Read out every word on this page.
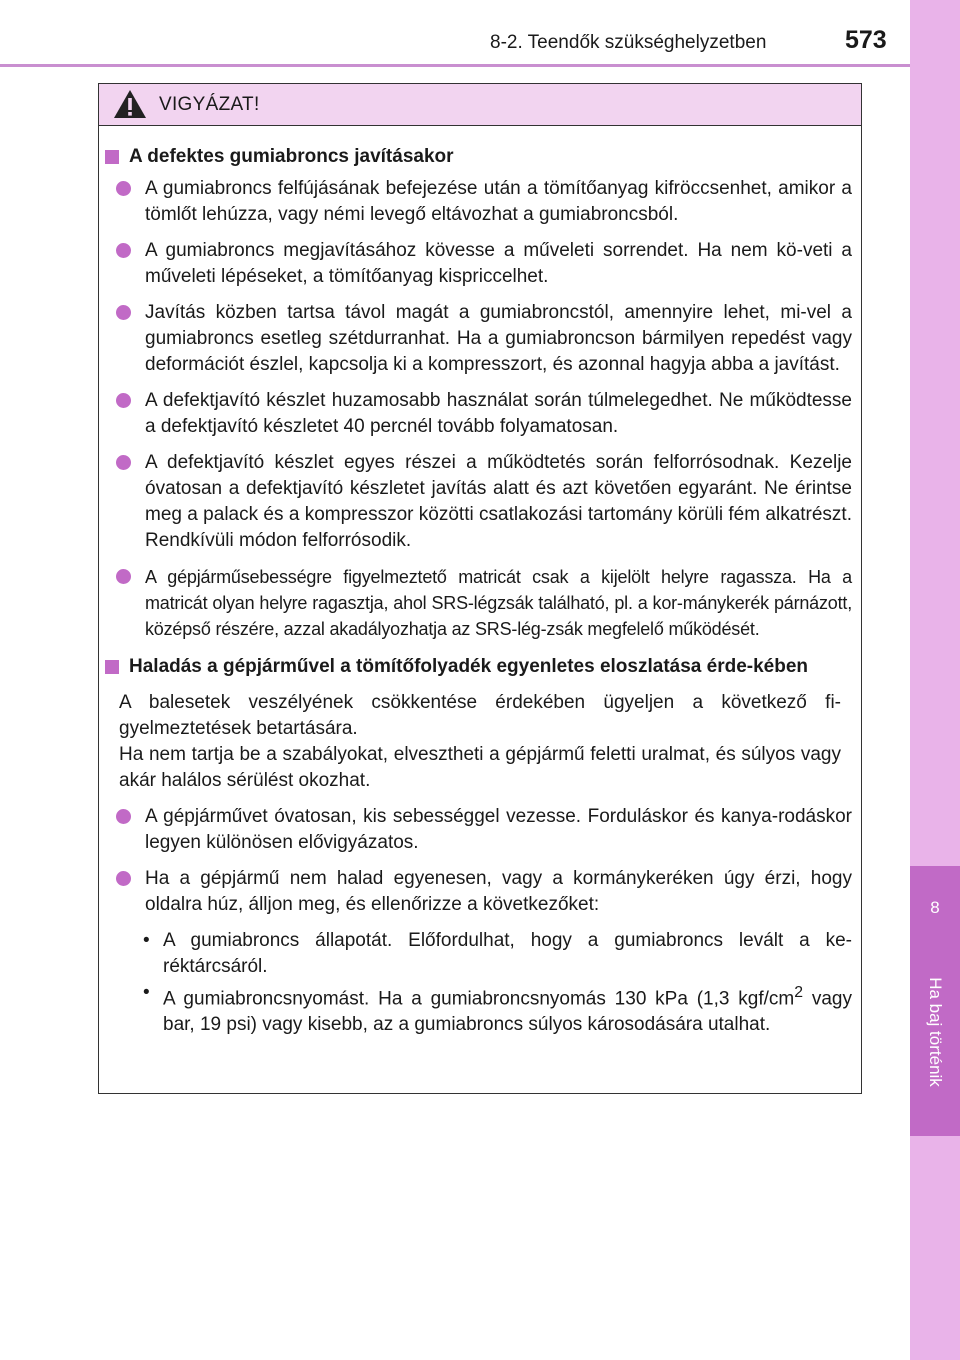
8-2. Teendők szükséghelyzetben	573
8
Ha baj történik
VIGYÁZAT!
A defektes gumiabroncs javításakor
A gumiabroncs felfújásának befejezése után a tömítőanyag kifröccsenhet, amikor a tömlőt lehúzza, vagy némi levegő eltávozhat a gumiabroncsból.
A gumiabroncs megjavításához kövesse a műveleti sorrendet. Ha nem kö-veti a műveleti lépéseket, a tömítőanyag kispriccelhet.
Javítás közben tartsa távol magát a gumiabroncstól, amennyire lehet, mi-vel a gumiabroncs esetleg szétdurranhat. Ha a gumiabroncson bármilyen repedést vagy deformációt észlel, kapcsolja ki a kompresszort, és azonnal hagyja abba a javítást.
A defektjavító készlet huzamosabb használat során túlmelegedhet. Ne működtesse a defektjavító készletet 40 percnél tovább folyamatosan.
A defektjavító készlet egyes részei a működtetés során felforrósodnak. Kezelje óvatosan a defektjavító készletet javítás alatt és azt követően egyaránt. Ne érintse meg a palack és a kompresszor közötti csatlakozási tartomány körüli fém alkatrészt. Rendkívüli módon felforrósodik.
A gépjárműsebességre figyelmeztető matricát csak a kijelölt helyre ragassza. Ha a matricát olyan helyre ragasztja, ahol SRS-légzsák található, pl. a kor-mánykerék párnázott, középső részére, azzal akadályozhatja az SRS-lég-zsák megfelelő működését.
Haladás a gépjárművel a tömítőfolyadék egyenletes eloszlatása érde-kében
A balesetek veszélyének csökkentése érdekében ügyeljen a következő fi-gyelmeztetések betartására.
Ha nem tartja be a szabályokat, elvesztheti a gépjármű feletti uralmat, és súlyos vagy akár halálos sérülést okozhat.
A gépjárművet óvatosan, kis sebességgel vezesse. Forduláskor és kanya-rodáskor legyen különösen elővigyázatos.
Ha a gépjármű nem halad egyenesen, vagy a kormánykeréken úgy érzi, hogy oldalra húz, álljon meg, és ellenőrizze a következőket:
• A gumiabroncs állapotát. Előfordulhat, hogy a gumiabroncs levált a ke-réktárcsáról.
• A gumiabroncsnyomást. Ha a gumiabroncsnyomás 130 kPa (1,3 kgf/$cm^2$ vagy bar, 19 psi) vagy kisebb, az a gumiabroncs súlyos károsodására utalhat.
